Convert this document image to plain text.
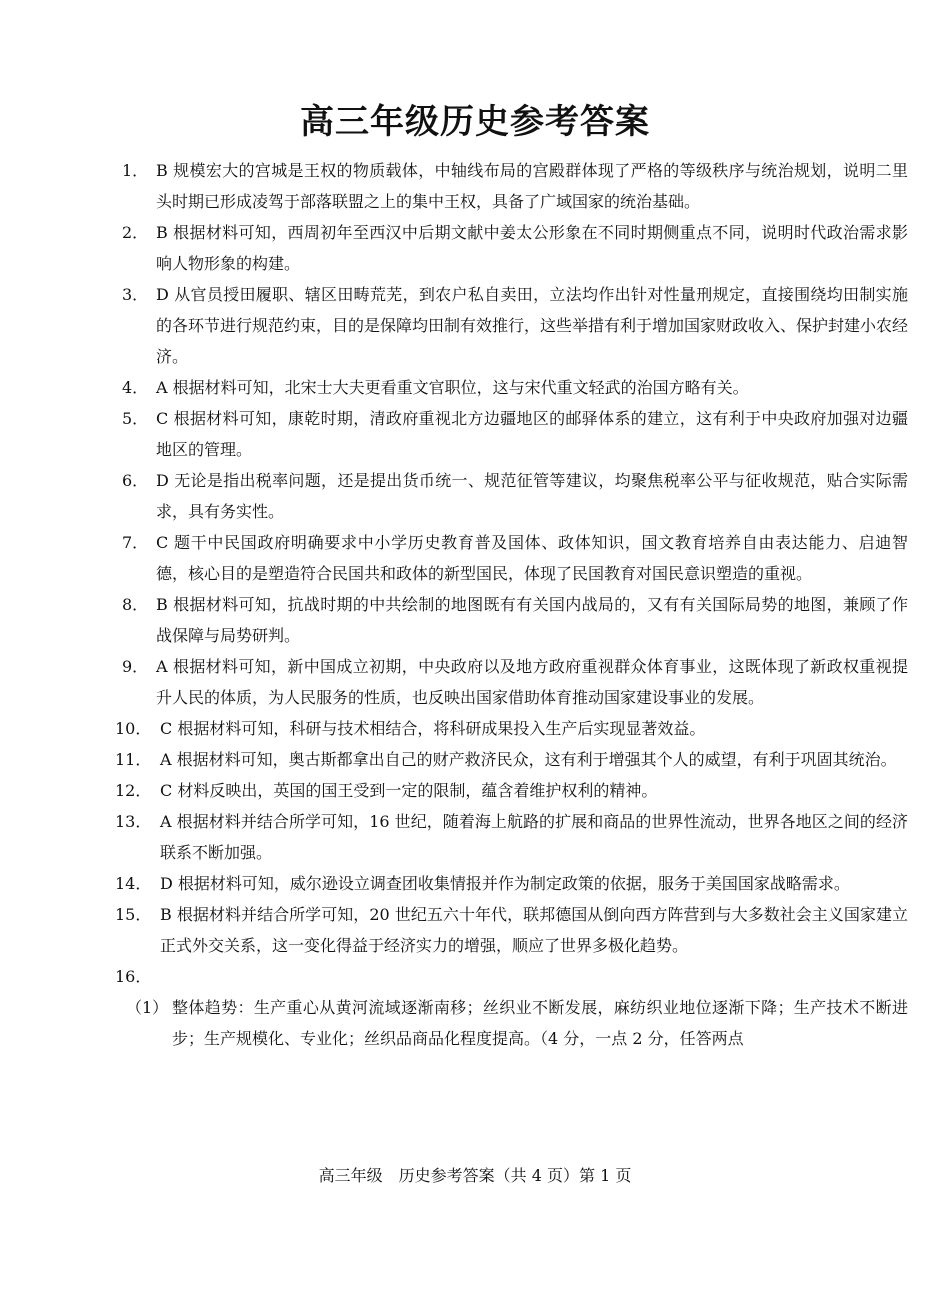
高三年级历史参考答案
1． B 规模宏大的宫城是王权的物质载体，中轴线布局的宫殿群体现了严格的等级秩序与统治规划，说明二里头时期已形成凌驾于部落联盟之上的集中王权，具备了广域国家的统治基础。
2． B 根据材料可知，西周初年至西汉中后期文献中姜太公形象在不同时期侧重点不同，说明时代政治需求影响人物形象的构建。
3． D 从官员授田履职、辖区田畴荒芜，到农户私自卖田，立法均作出针对性量刑规定，直接围绕均田制实施的各环节进行规范约束，目的是保障均田制有效推行，这些举措有利于增加国家财政收入、保护封建小农经济。
4． A 根据材料可知，北宋士大夫更看重文官职位，这与宋代重文轻武的治国方略有关。
5． C 根据材料可知，康乾时期，清政府重视北方边疆地区的邮驿体系的建立，这有利于中央政府加强对边疆地区的管理。
6． D 无论是指出税率问题，还是提出货币统一、规范征管等建议，均聚焦税率公平与征收规范，贴合实际需求，具有务实性。
7． C 题干中民国政府明确要求中小学历史教育普及国体、政体知识，国文教育培养自由表达能力、启迪智德，核心目的是塑造符合民国共和政体的新型国民，体现了民国教育对国民意识塑造的重视。
8． B 根据材料可知，抗战时期的中共绘制的地图既有有关国内战局的，又有有关国际局势的地图，兼顾了作战保障与局势研判。
9． A 根据材料可知，新中国成立初期，中央政府以及地方政府重视群众体育事业，这既体现了新政权重视提升人民的体质，为人民服务的性质，也反映出国家借助体育推动国家建设事业的发展。
10． C 根据材料可知，科研与技术相结合，将科研成果投入生产后实现显著效益。
11． A 根据材料可知，奥古斯都拿出自己的财产救济民众，这有利于增强其个人的威望，有利于巩固其统治。
12． C 材料反映出，英国的国王受到一定的限制，蕴含着维护权利的精神。
13． A 根据材料并结合所学可知，16 世纪，随着海上航路的扩展和商品的世界性流动，世界各地区之间的经济联系不断加强。
14． D 根据材料可知，威尔逊设立调查团收集情报并作为制定政策的依据，服务于美国国家战略需求。
15． B 根据材料并结合所学可知，20 世纪五六十年代，联邦德国从倒向西方阵营到与大多数社会主义国家建立正式外交关系，这一变化得益于经济实力的增强，顺应了世界多极化趋势。
16．

（1） 整体趋势：生产重心从黄河流域逐渐南移；丝织业不断发展，麻纺织业地位逐渐下降；生产技术不断进步；生产规模化、专业化；丝织品商品化程度提高。（4 分，一点 2 分，任答两点
高三年级　历史参考答案（共 4 页）第 1 页
